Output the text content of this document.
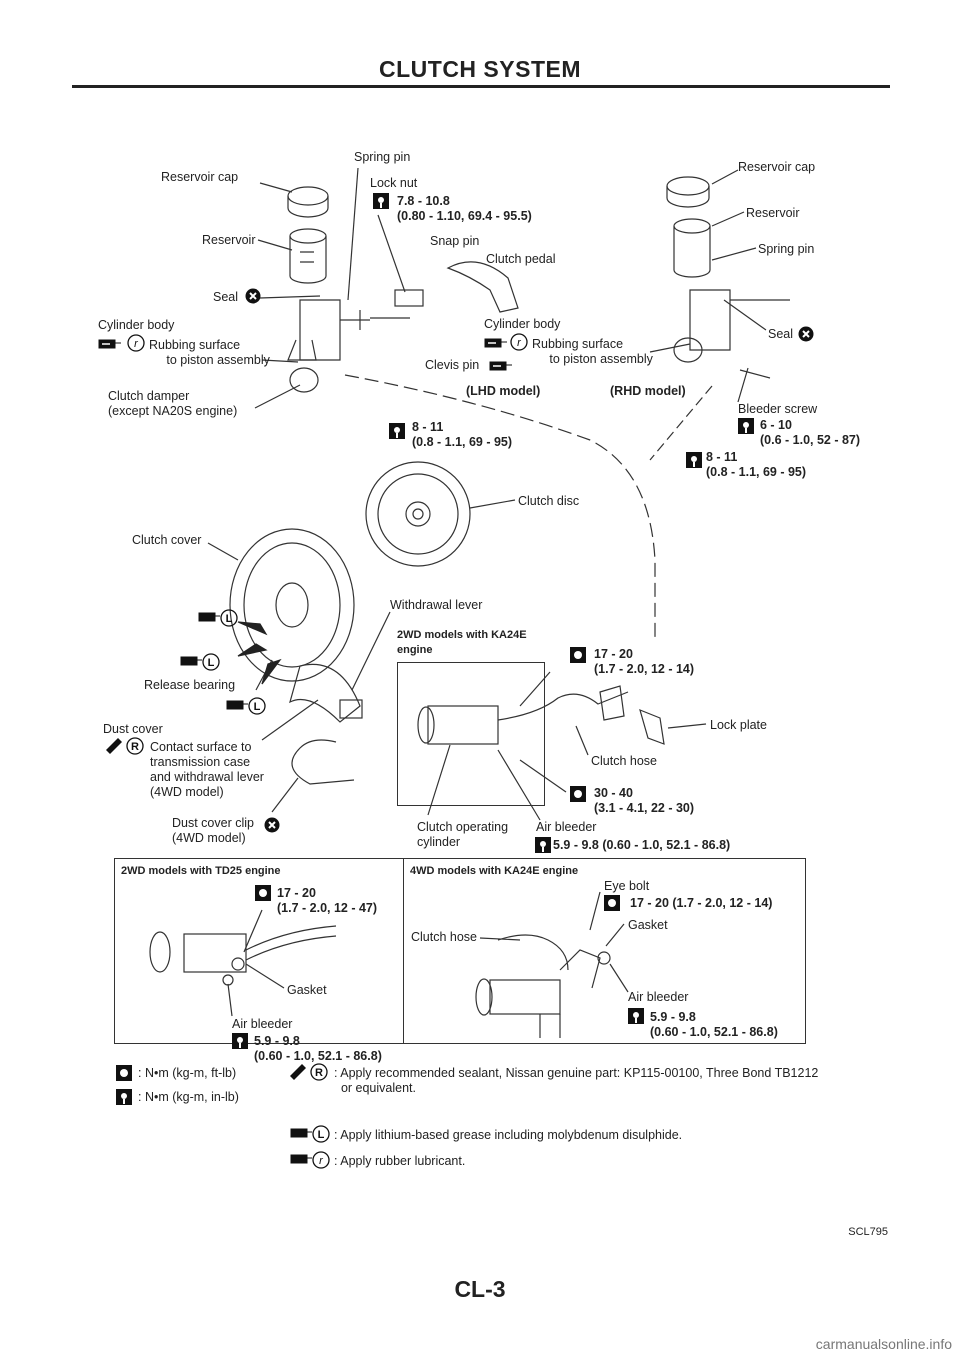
CLUTCH SYSTEM
Reservoir cap
Reservoir
Seal
Cylinder body
r Rubbing surface
to piston assembly
Clutch damper
(except NA20S engine)
Spring pin
Lock nut
7.8 - 10.8
(0.80 - 1.10, 69.4 - 95.5)
Snap pin
Clutch pedal
Cylinder body
r Rubbing surface
to piston assembly
Clevis pin
(LHD model)	(RHD model)
8 - 11
(0.8 - 1.1, 69 - 95)
Reservoir cap
Reservoir
Spring pin
Seal
Bleeder screw
6 - 10
(0.6 - 1.0, 52 - 87)
8 - 11
(0.8 - 1.1, 69 - 95)
Clutch disc
Clutch cover
Withdrawal lever
L
L
Release bearing
L
Dust cover
R Contact surface to
transmission case
and withdrawal lever
(4WD model)
Dust cover clip
(4WD model)
2WD models with KA24E
engine	17 - 20
(1.7 - 2.0, 12 - 14)
Lock plate
Clutch hose
30 - 40
(3.1 - 4.1, 22 - 30)
Clutch operating
cylinder
Air bleeder
5.9 - 9.8 (0.60 - 1.0, 52.1 - 86.8)
2WD models with TD25 engine
17 - 20
(1.7 - 2.0, 12 - 47)
Gasket
Air bleeder
5.9 - 9.8
(0.60 - 1.0, 52.1 - 86.8)
4WD models with KA24E engine
Eye bolt
17 - 20 (1.7 - 2.0, 12 - 14)
Gasket
Clutch hose
Air bleeder
5.9 - 9.8
(0.60 - 1.0, 52.1 - 86.8)
: N•m (kg-m, ft-lb)
: N•m (kg-m, in-lb)
R : Apply recommended sealant, Nissan genuine part: KP115-00100, Three Bond TB1212
or equivalent.
L : Apply lithium-based grease including molybdenum disulphide.
r : Apply rubber lubricant.
SCL795
CL-3
carmanualsonline.info
